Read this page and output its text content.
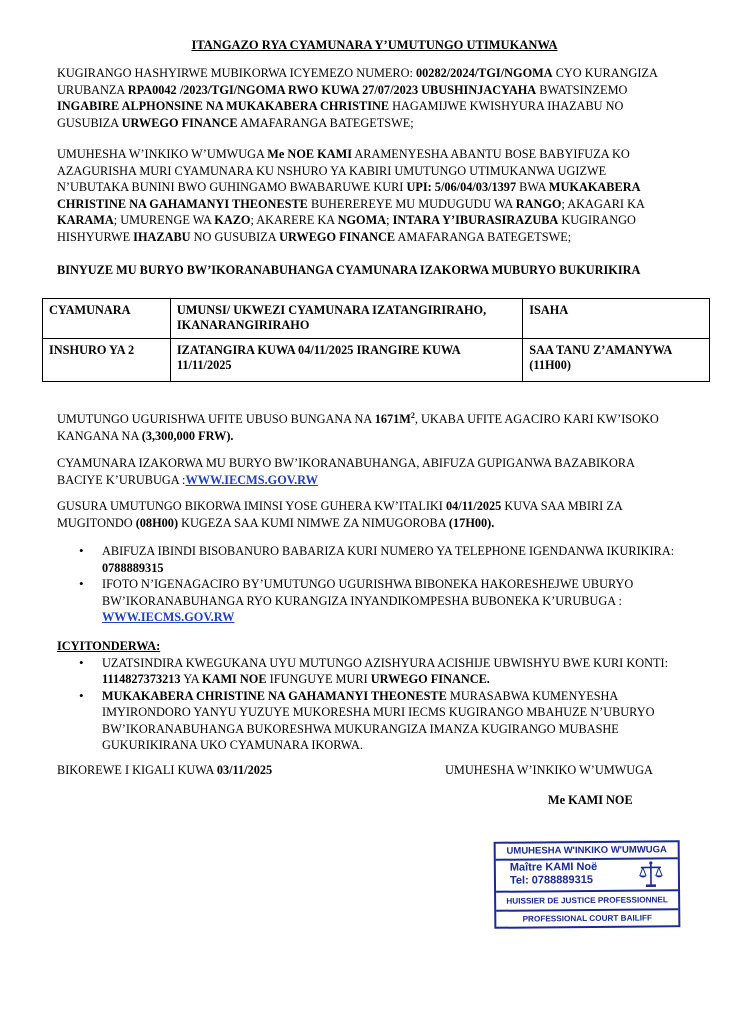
ITANGAZO RYA CYAMUNARA Y’UMUTUNGO UTIMUKANWA
KUGIRANGO HASHYIRWE MUBIKORWA ICYEMEZO NUMERO: 00282/2024/TGI/NGOMA CYO KURANGIZA URUBANZA RPA0042 /2023/TGI/NGOMA RWO KUWA 27/07/2023 UBUSHINJACYAHA BWATSINZEMO INGABIRE ALPHONSINE NA MUKAKABERA CHRISTINE HAGAMIJWE KWISHYURA IHAZABU NO GUSUBIZA URWEGO FINANCE AMAFARANGA BATEGETSWE;
UMUHESHA W’INKIKO W’UMWUGA Me NOE KAMI ARAMENYESHA ABANTU BOSE BABYIFUZA KO AZAGURISHA MURI CYAMUNARA KU NSHURO YA KABIRI UMUTUNGO UTIMUKANWA UGIZWE N’UBUTAKA BUNINI BWO GUHINGAMO BWABARUWE KURI UPI: 5/06/04/03/1397 BWA MUKAKABERA CHRISTINE NA GAHAMANYI THEONESTE BUHEREREYE MU MUDUGUDU WA RANGO; AKAGARI KA KARAMA; UMURENGE WA KAZO; AKARERE KA NGOMA; INTARA Y’IBURASIRAZUBA KUGIRANGO HISHYURWE IHAZABU NO GUSUBIZA URWEGO FINANCE AMAFARANGA BATEGETSWE;
BINYUZE MU BURYO BW’IKORANABUHANGA CYAMUNARA IZAKORWA MUBURYO BUKURIKIRA
CYAMUNARA	UMUNSI/ UKWEZI CYAMUNARA IZATANGIRIRAHO, IKANARANGIRIRAHO	ISAHA
INSHURO YA 2	IZATANGIRA KUWA 04/11/2025 IRANGIRE KUWA 11/11/2025	SAA TANU Z’AMANYWA (11H00)
UMUTUNGO UGURISHWA UFITE UBUSO BUNGANA NA $1671M^2$, UKABA UFITE AGACIRO KARI KW’ISOKO KANGANA NA (3,300,000 FRW).
CYAMUNARA IZAKORWA MU BURYO BW’IKORANABUHANGA, ABIFUZA GUPIGANWA BAZABIKORA BACIYE K’URUBUGA :WWW.IECMS.GOV.RW
GUSURA UMUTUNGO BIKORWA IMINSI YOSE GUHERA KW’ITALIKI 04/11/2025 KUVA SAA MBIRI ZA MUGITONDO (08H00) KUGEZA SAA KUMI NIMWE ZA NIMUGOROBA (17H00).
• ABIFUZA IBINDI BISOBANURO BABARIZA KURI NUMERO YA TELEPHONE IGENDANWA IKURIKIRA: 0788889315
• IFOTO N’IGENAGACIRO BY’UMUTUNGO UGURISHWA BIBONEKA HAKORESHEJWE UBURYO BW’IKORANABUHANGA RYO KURANGIZA INYANDIKOMPESHA BUBONEKA K’URUBUGA : WWW.IECMS.GOV.RW
ICYITONDERWA:
• UZATSINDIRA KWEGUKANA UYU MUTUNGO AZISHYURA ACISHIJE UBWISHYU BWE KURI KONTI: 1114827373213 YA KAMI NOE IFUNGUYE MURI URWEGO FINANCE.
• MUKAKABERA CHRISTINE NA GAHAMANYI THEONESTE MURASABWA KUMENYESHA IMYIRONDORO YANYU YUZUYE MUKORESHA MURI IECMS KUGIRANGO MBAHUZE N’UBURYO BW’IKORANABUHANGA BUKORESHWA MUKURANGIZA IMANZA KUGIRANGO MUBASHE GUKURIKIRANA UKO CYAMUNARA IKORWA.
BIKOREWE I KIGALI KUWA 03/11/2025	UMUHESHA W’INKIKO W’UMWUGA
Me KAMI NOE
UMUHESHA W'INKIKO W'UMWUGA
Maître KAMI Noë
Tel: 0788889315
HUISSIER DE JUSTICE PROFESSIONNEL
PROFESSIONAL COURT BAILIFF
